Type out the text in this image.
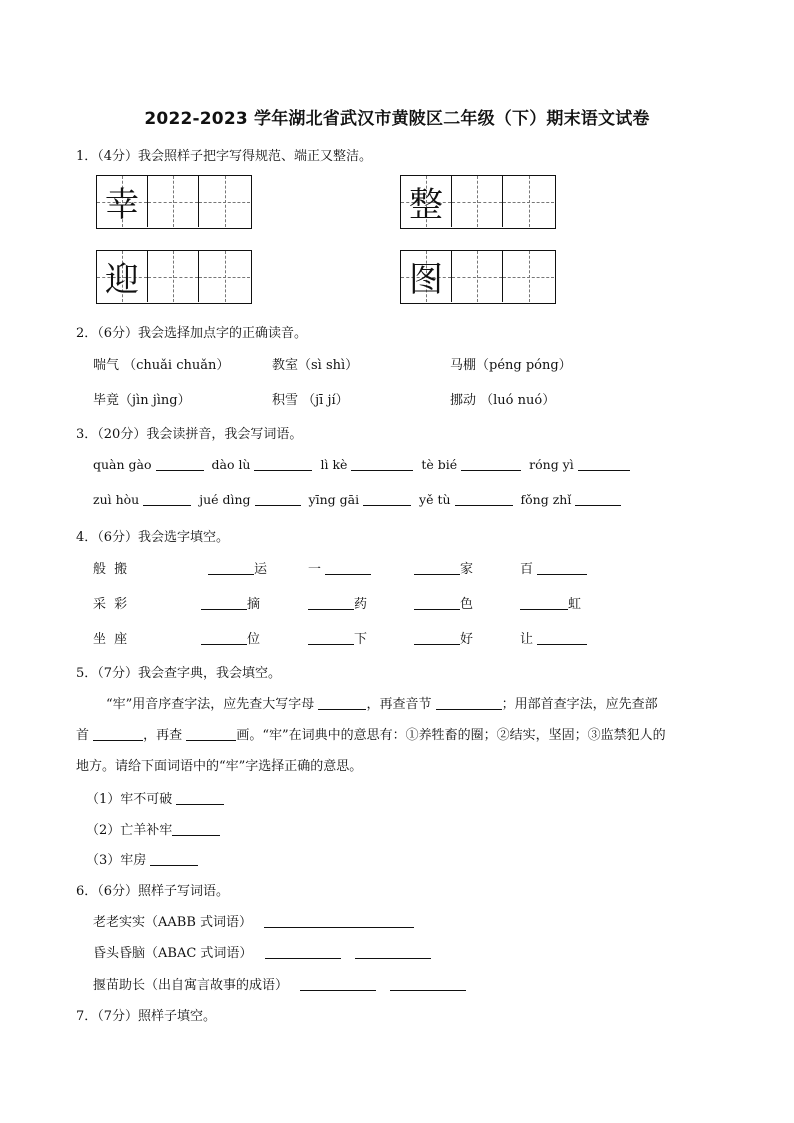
2022-2023 学年湖北省武汉市黄陂区二年级（下）期末语文试卷
1．（4分）我会照样子把字写得规范、端正又整洁。
幸	整
迎	图
2．（6分）我会选择加点字的正确读音。
喘气 （chuǎi chuǎn）	教室（sì shì）	马棚（péng póng）
毕竟（jìn jìng）	积雪 （jī jí）	挪动 （luó nuó）
3．（20分）我会读拼音，我会写词语。
quàn gào	dào lù	lì kè	tè bié	róng yì
zuì hòu	jué dìng	yīng gāi	yě tù	fǒng zhǐ
4．（6分）我会选字填空。
般 搬	运	一	家	百
采 彩	摘	药	色	虹
坐 座	位	下	好	让
5．（7分）我会查字典，我会填空。
“牢”用音序查字法，应先查大写字母	，再查音节	；用部首查字法，应先查部
首	，再查	画。“牢”在词典中的意思有：①养牲畜的圈；②结实，坚固；③监禁犯人的
地方。请给下面词语中的“牢”字选择正确的意思。
（1）牢不可破
（2）亡羊补牢
（3）牢房
6．（6分）照样子写词语。
老老实实（AABB 式词语）
昏头昏脑（ABAC 式词语）
揠苗助长（出自寓言故事的成语）
7．（7分）照样子填空。
